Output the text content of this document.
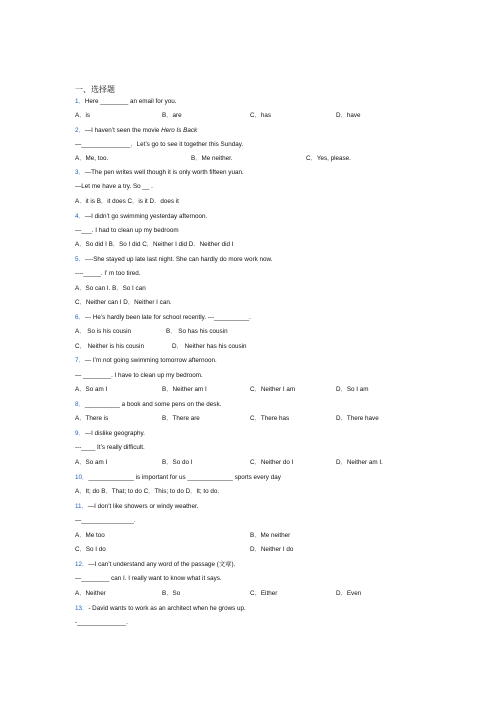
一、选择题
1．Here ________ an email for you.
A．is	B．are	C．has	D．have
2．—I haven’t seen the movie Hero Is Back
—______________．Let’s go to see it together this Sunday.
A．Me, too.	B．Me neither.	C．Yes, please.
3．—The pen writes well though it is only worth fifteen yuan.
—Let me have a try. So __ .
A．it is B．it does C．is it D．does it
4．—I didn’t go swimming yesterday afternoon.
—___. I had to clean up my bedroom
A．So did I B．So I did C．Neither I did D．Neither did I
5．----She stayed up late last night. She can hardly do more work now.
----_____. I’ m too tired.
A．So can I. B．So I can
C．Neither can I D．Neither I can.
6．--- He’s hardly been late for school recently. ---__________.
A． So is his cousin	B． So has his cousin
C． Neither is his cousin	D． Neither has his cousin
7．— I’m not going swimming tomorrow afternoon.
— ________. I have to clean up my bedroom.
A．So am I	B．Neither am I	C．Neither I am	D．So I am
8．__________ a book and some pens on the desk.
A．There is	B．There are	C．There has	D．There have
9．---I dislike geography.
---____ It’s really difficult.
A．So am I	B．So do I	C．Neither do I	D．Neither am I.
10．_____________ is important for us _____________ sports every day
A．It; do B．That; to do C．This; to do D．It; to do.
11．—I don’t like showers or windy weather.
—_______________.
A．Me too	B．Me neither
C．So I do	D．Neither I do
12．—I can’t understand any word of the passage (文章).
—________ can I. I really want to know what it says.
A．Neither	B．So	C．Either	D．Even
13．- David wants to work as an architect when he grows up.
-______________.
